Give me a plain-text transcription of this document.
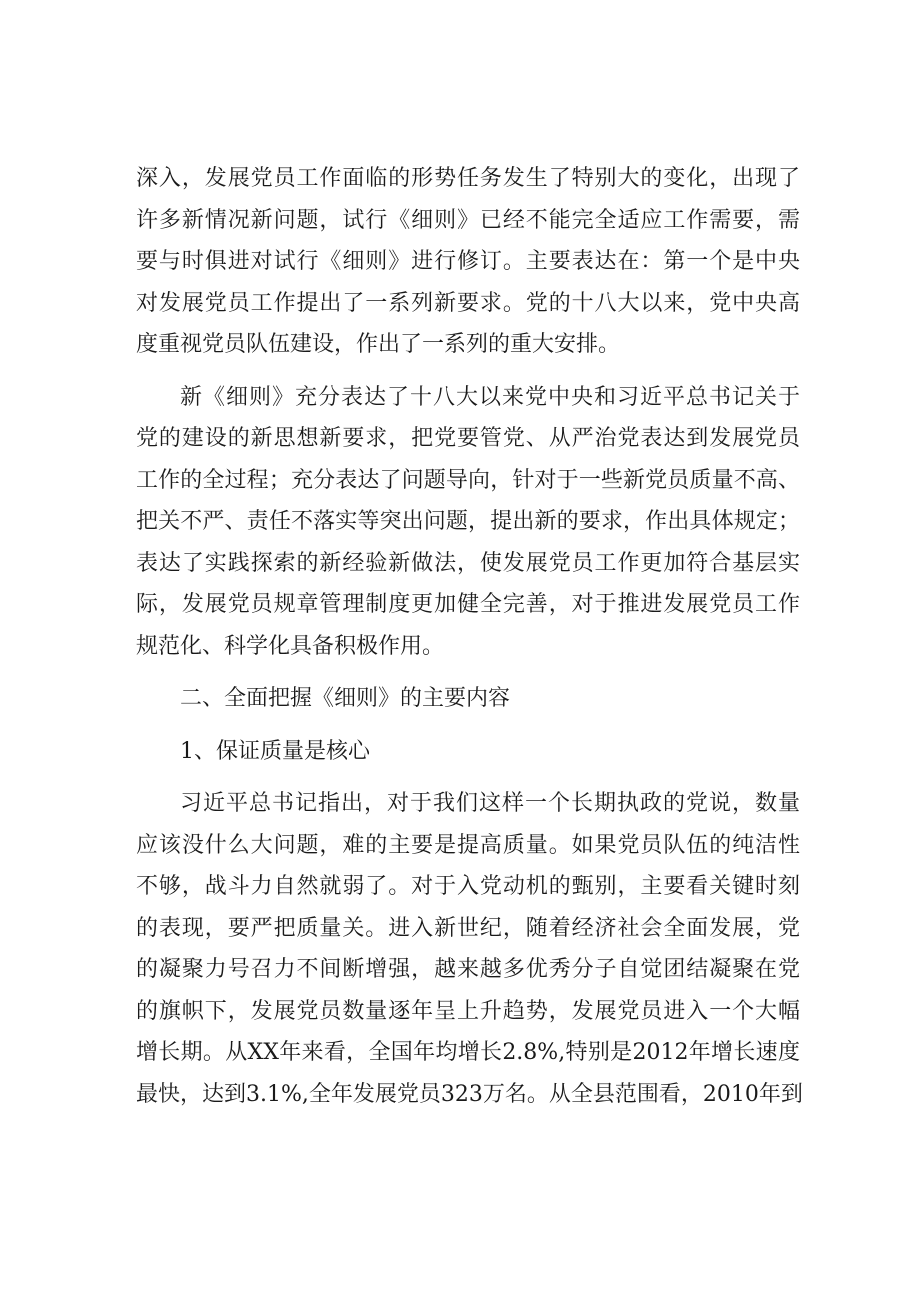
深入，发展党员工作面临的形势任务发生了特别大的变化，出现了
许多新情况新问题，试行《细则》已经不能完全适应工作需要，需
要与时俱进对试行《细则》进行修订。主要表达在：第一个是中央
对发展党员工作提出了一系列新要求。党的十八大以来，党中央高
度重视党员队伍建设，作出了一系列的重大安排。
新《细则》充分表达了十八大以来党中央和习近平总书记关于
党的建设的新思想新要求，把党要管党、从严治党表达到发展党员
工作的全过程；充分表达了问题导向，针对于一些新党员质量不高、
把关不严、责任不落实等突出问题，提出新的要求，作出具体规定；
表达了实践探索的新经验新做法，使发展党员工作更加符合基层实
际，发展党员规章管理制度更加健全完善，对于推进发展党员工作
规范化、科学化具备积极作用。
二、全面把握《细则》的主要内容
1、保证质量是核心
习近平总书记指出，对于我们这样一个长期执政的党说，数量
应该没什么大问题，难的主要是提高质量。如果党员队伍的纯洁性
不够，战斗力自然就弱了。对于入党动机的甄别，主要看关键时刻
的表现，要严把质量关。进入新世纪，随着经济社会全面发展，党
的凝聚力号召力不间断增强，越来越多优秀分子自觉团结凝聚在党
的旗帜下，发展党员数量逐年呈上升趋势，发展党员进入一个大幅
增长期。从XX年来看，全国年均增长2.8%,特别是2012年增长速度
最快，达到3.1%,全年发展党员323万名。从全县范围看，2010年到
